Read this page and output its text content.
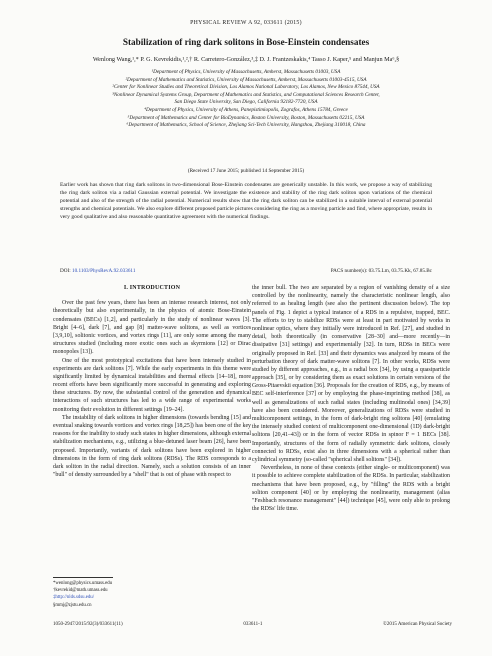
PHYSICAL REVIEW A 92, 033611 (2015)
Stabilization of ring dark solitons in Bose-Einstein condensates
Wenlong Wang,¹,* P. G. Kevrekidis,¹,²,† R. Carretero-González,³,‡ D. J. Frantzeskakis,⁴ Tasso J. Kaper,⁵ and Manjun Ma⁶,§
¹Department of Physics, University of Massachusetts, Amherst, Massachusetts 01003, USA
²Department of Mathematics and Statistics, University of Massachusetts, Amherst, Massachusetts 01003-4515, USA
²Center for Nonlinear Studies and Theoretical Division, Los Alamos National Laboratory, Los Alamos, New Mexico 87544, USA
³Nonlinear Dynamical Systems Group, Department of Mathematics and Statistics, and Computational Sciences Research Center,
San Diego State University, San Diego, California 92182-7720, USA
⁴Department of Physics, University of Athens, Panepistimiopolis, Zografos, Athens 15784, Greece
⁵Department of Mathematics and Center for BioDynamics, Boston University, Boston, Massachusetts 02215, USA
⁶Department of Mathematics, School of Science, Zhejiang Sci-Tech University, Hangzhou, Zhejiang 310018, China
(Received 17 June 2015; published 14 September 2015)
Earlier work has shown that ring dark solitons in two-dimensional Bose-Einstein condensates are generically unstable. In this work, we propose a way of stabilizing the ring dark soliton via a radial Gaussian external potential. We investigate the existence and stability of the ring dark soliton upon variations of the chemical potential and also of the strength of the radial potential. Numerical results show that the ring dark soliton can be stabilized in a suitable interval of external potential strengths and chemical potentials. We also explore different proposed particle pictures considering the ring as a moving particle and find, where appropriate, results in very good qualitative and also reasonable quantitative agreement with the numerical findings.
DOI: 10.1103/PhysRevA.92.033611	PACS number(s): 03.75.Lm, 03.75.Kk, 67.85.Bc
I. INTRODUCTION

Over the past few years, there has been an intense research interest, not only theoretically but also experimentally, in the physics of atomic Bose-Einstein condensates (BECs) [1,2], and particularly in the study of nonlinear waves [3]. Bright [4–6], dark [7], and gap [8] matter-wave solitons, as well as vortices [3,9,10], solitonic vortices, and vortex rings [11], are only some among the many structures studied (including more exotic ones such as skyrmions [12] or Dirac monopoles [13]).

One of the most prototypical excitations that have been intensely studied in experiments are dark solitons [7]. While the early experiments in this theme were significantly limited by dynamical instabilities and thermal effects [14–18], more recent efforts have been significantly more successful in generating and exploring these structures. By now, the substantial control of the generation and dynamical interactions of such structures has led to a wide range of experimental works monitoring their evolution in different settings [19–24].

The instability of dark solitons in higher dimensions (towards bending [15] and eventual snaking towards vortices and vortex rings [18,25]) has been one of the key reasons for the inability to study such states in higher dimensions, although external stabilization mechanisms, e.g., utilizing a blue-detuned laser beam [26], have been proposed. Importantly, variants of dark solitons have been explored in higher dimensions in the form of ring dark solitons (RDSs). The RDS corresponds to a dark soliton in the radial direction. Namely, such a solution consists of an inner "bull" of density surrounded by a "shell" that is out of phase with respect to

the inner bull. The two are separated by a region of vanishing density of a size controlled by the nonlinearity, namely the characteristic nonlinear length, also referred to as healing length (see also the pertinent discussion below). The top panels of Fig. 1 depict a typical instance of a RDS in a repulsive, trapped, BEC. The efforts to try to stabilize RDSs were at least in part motivated by works in nonlinear optics, where they initially were introduced in Ref. [27], and studied in detail, both theoretically (in conservative [28–30] and—more recently—in dissipative [31] settings) and experimentally [32]. In turn, RDSs in BECs were originally proposed in Ref. [33] and their dynamics was analyzed by means of the perturbation theory of dark matter-wave solitons [7]. In other works, RDSs were studied by different approaches, e.g., in a radial box [34], by using a quasiparticle approach [35], or by considering them as exact solutions in certain versions of the Gross-Pitaevskii equation [36]. Proposals for the creation of RDS, e.g., by means of BEC self-interference [37] or by employing the phase-imprinting method [38], as well as generalizations of such radial states (including multinodal ones) [34,39] have also been considered. Moreover, generalizations of RDSs were studied in multicomponent settings, in the form of dark-bright ring solitons [40] (emulating the intensely studied context of multicomponent one-dimensional (1D) dark-bright solitons [20,41–43]) or in the form of vector RDSs in spinor F = 1 BECs [38]. Importantly, structures of the form of radially symmetric dark solitons, closely connected to RDSs, exist also in three dimensions with a spherical rather than cylindrical symmetry (so-called "spherical shell solitons" [34]).

Nevertheless, in none of these contexts (either single- or multicomponent) was it possible to achieve complete stabilization of the RDSs. In particular, stabilization mechanisms that have been proposed, e.g., by "filling" the RDS with a bright soliton component [40] or by employing the nonlinearity, management (alias "Feshbach resonance management" [44]) technique [45], were only able to prolong the RDSs' life time.

*wenlong@physics.umass.edu
†kevrekid@math.umass.edu
‡http://nlds.sdsu.edu/
§mmj@zjstu.edu.cn
1050-2947/2015/92(3)/033611(11)	033611-1	©2015 American Physical Society
